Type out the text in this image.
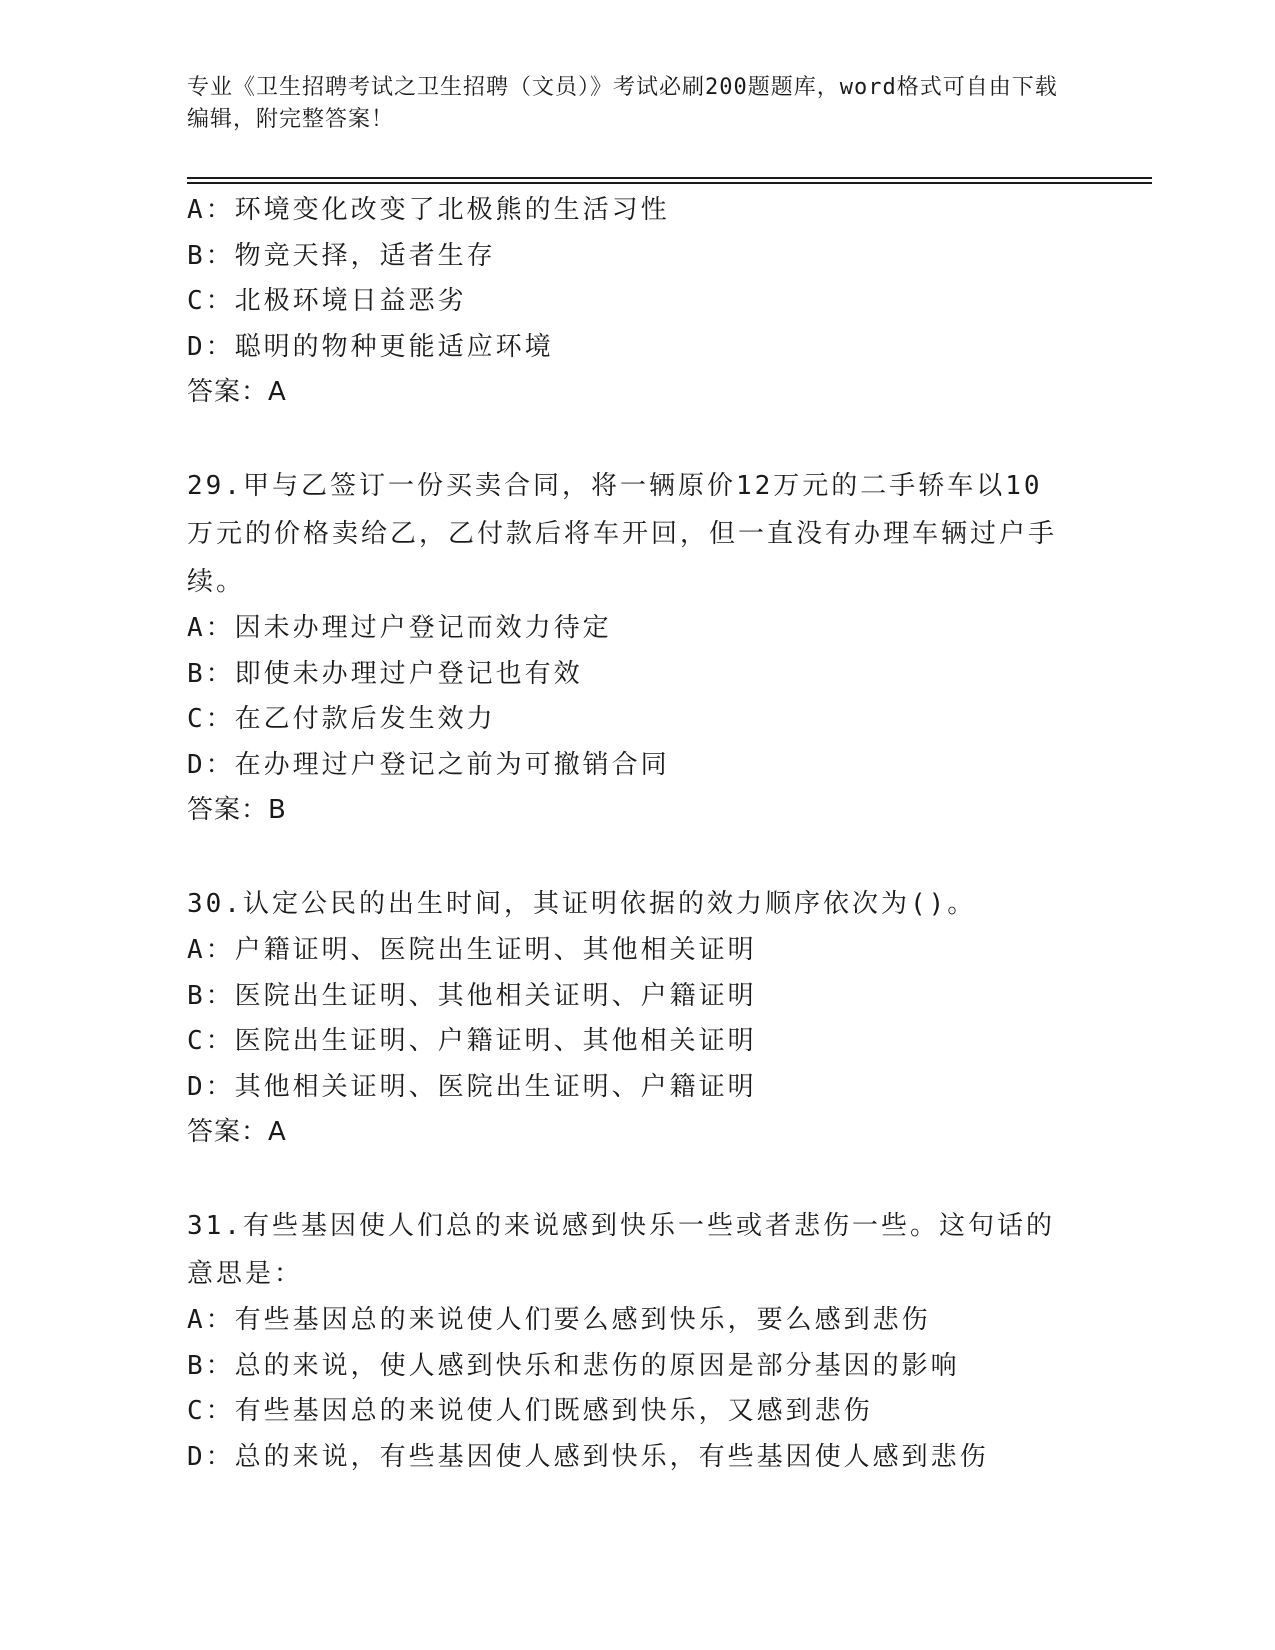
专业《卫生招聘考试之卫生招聘（文员）》考试必刷200题题库，word格式可自由下载编辑，附完整答案！
A：环境变化改变了北极熊的生活习性
B：物竞天择，适者生存
C：北极环境日益恶劣
D：聪明的物种更能适应环境
答案：A
29.甲与乙签订一份买卖合同，将一辆原价12万元的二手轿车以10万元的价格卖给乙，乙付款后将车开回，但一直没有办理车辆过户手续。
A：因未办理过户登记而效力待定
B：即使未办理过户登记也有效
C：在乙付款后发生效力
D：在办理过户登记之前为可撤销合同
答案：B
30.认定公民的出生时间，其证明依据的效力顺序依次为()。
A：户籍证明、医院出生证明、其他相关证明
B：医院出生证明、其他相关证明、户籍证明
C：医院出生证明、户籍证明、其他相关证明
D：其他相关证明、医院出生证明、户籍证明
答案：A
31.有些基因使人们总的来说感到快乐一些或者悲伤一些。这句话的意思是：
A：有些基因总的来说使人们要么感到快乐，要么感到悲伤
B：总的来说，使人感到快乐和悲伤的原因是部分基因的影响
C：有些基因总的来说使人们既感到快乐，又感到悲伤
D：总的来说，有些基因使人感到快乐，有些基因使人感到悲伤
